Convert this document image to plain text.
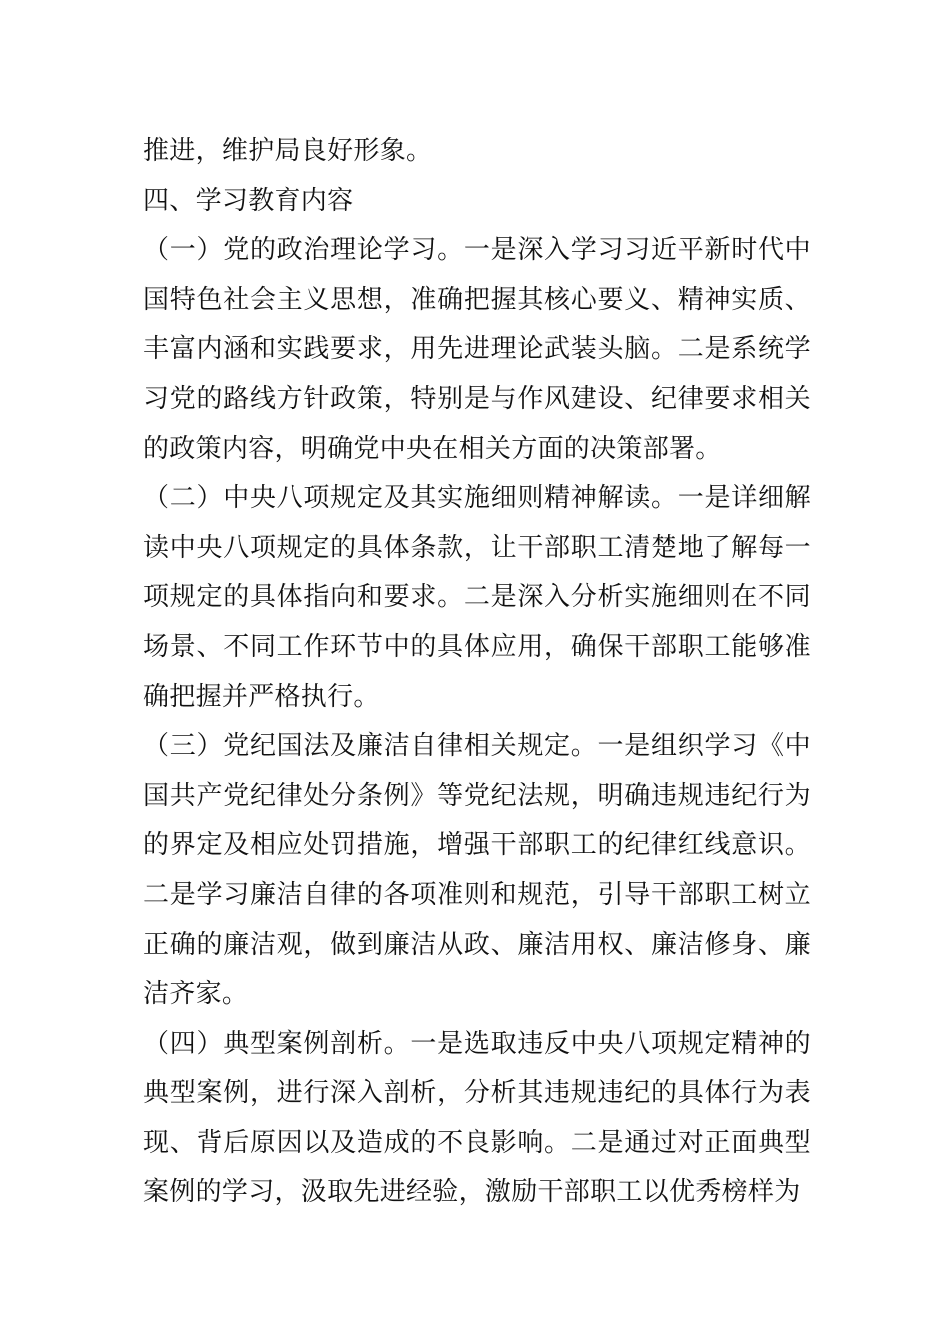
推进，维护局良好形象。

四、学习教育内容

（一）党的政治理论学习。一是深入学习习近平新时代中国特色社会主义思想，准确把握其核心要义、精神实质、丰富内涵和实践要求，用先进理论武装头脑。二是系统学习党的路线方针政策，特别是与作风建设、纪律要求相关的政策内容，明确党中央在相关方面的决策部署。

（二）中央八项规定及其实施细则精神解读。一是详细解读中央八项规定的具体条款，让干部职工清楚地了解每一项规定的具体指向和要求。二是深入分析实施细则在不同场景、不同工作环节中的具体应用，确保干部职工能够准确把握并严格执行。

（三）党纪国法及廉洁自律相关规定。一是组织学习《中国共产党纪律处分条例》等党纪法规，明确违规违纪行为的界定及相应处罚措施，增强干部职工的纪律红线意识。二是学习廉洁自律的各项准则和规范，引导干部职工树立正确的廉洁观，做到廉洁从政、廉洁用权、廉洁修身、廉洁齐家。

（四）典型案例剖析。一是选取违反中央八项规定精神的典型案例，进行深入剖析，分析其违规违纪的具体行为表现、背后原因以及造成的不良影响。二是通过对正面典型案例的学习，汲取先进经验，激励干部职工以优秀榜样为
